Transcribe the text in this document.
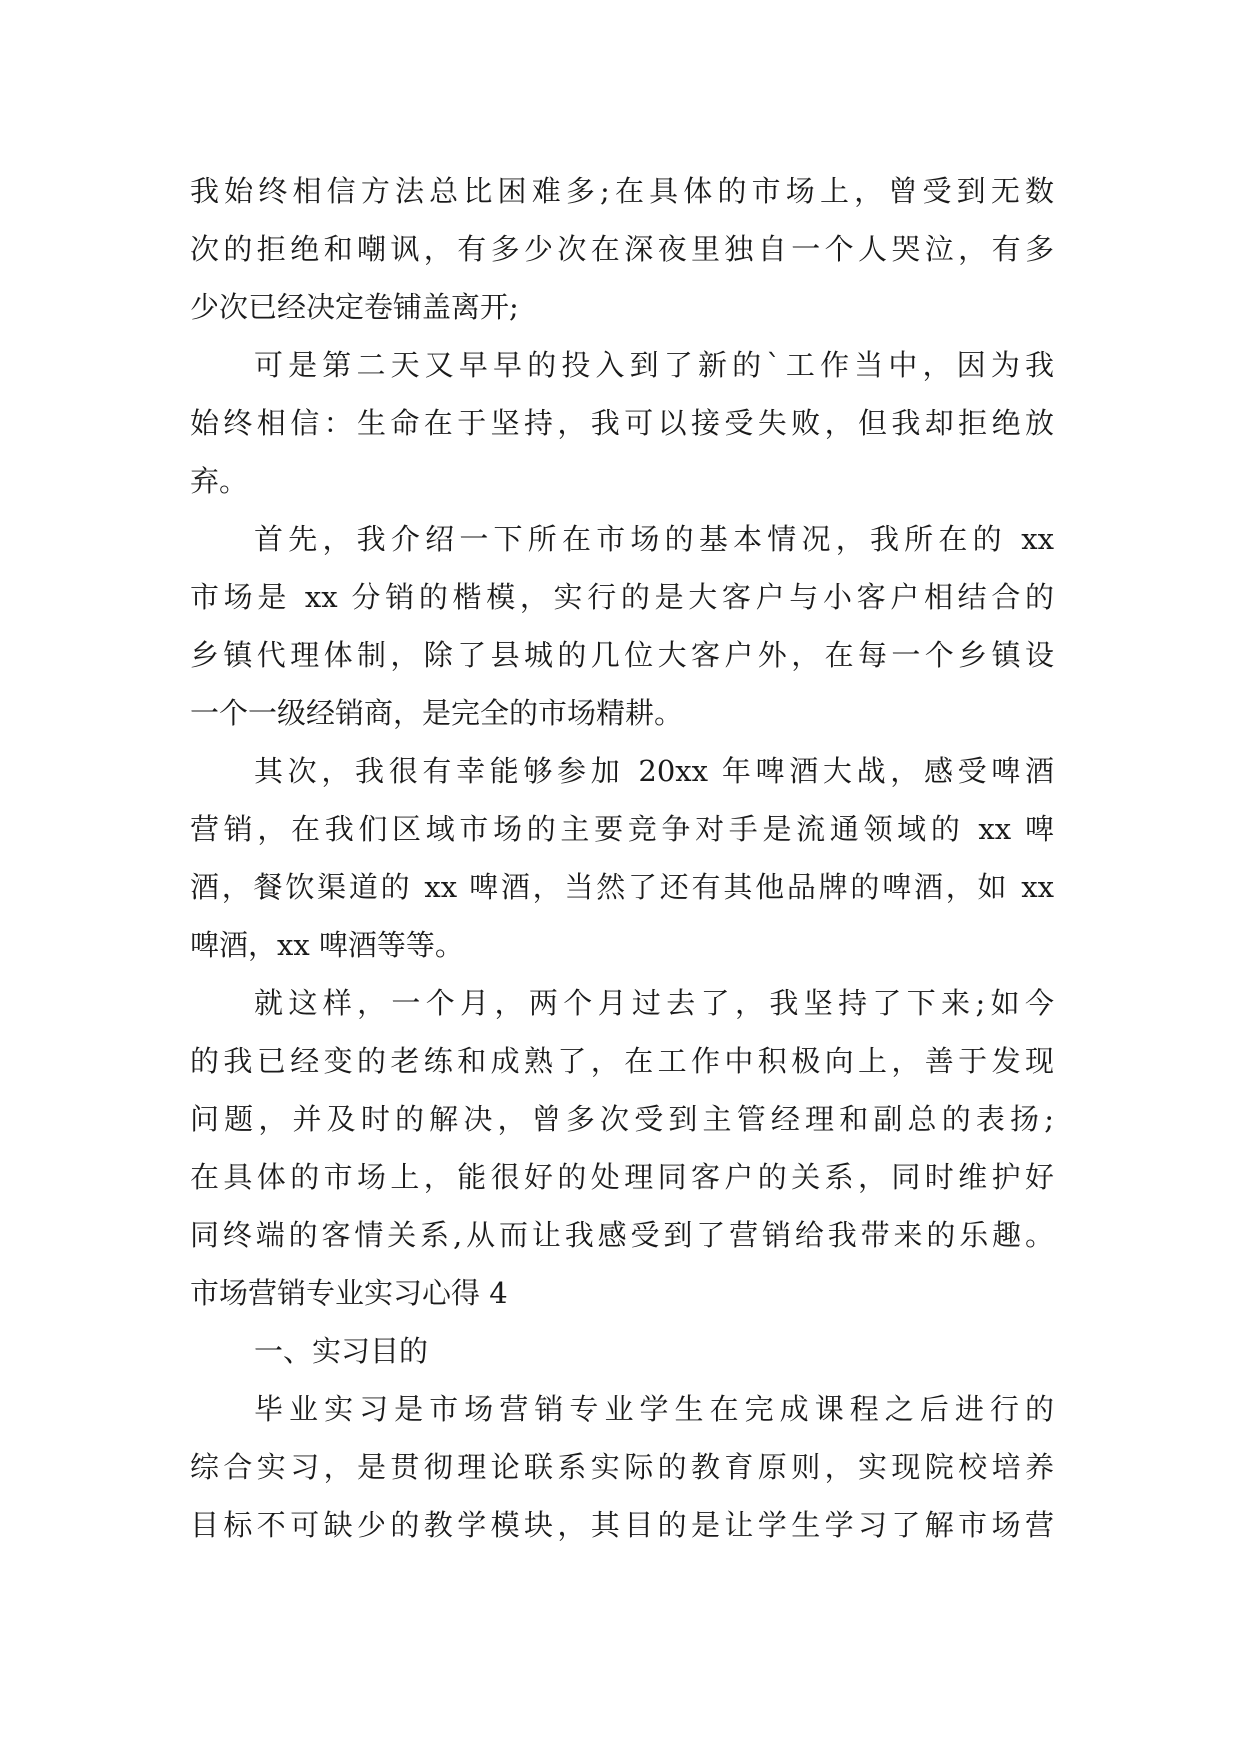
我始终相信方法总比困难多;在具体的市场上，曾受到无数
次的拒绝和嘲讽，有多少次在深夜里独自一个人哭泣，有多
少次已经决定卷铺盖离开;
可是第二天又早早的投入到了新的`工作当中，因为我
始终相信：生命在于坚持，我可以接受失败，但我却拒绝放
弃。
首先，我介绍一下所在市场的基本情况，我所在的 xx
市场是 xx 分销的楷模，实行的是大客户与小客户相结合的
乡镇代理体制，除了县城的几位大客户外，在每一个乡镇设
一个一级经销商，是完全的市场精耕。
其次，我很有幸能够参加 20xx 年啤酒大战，感受啤酒
营销，在我们区域市场的主要竞争对手是流通领域的 xx 啤
酒，餐饮渠道的 xx 啤酒，当然了还有其他品牌的啤酒，如 xx
啤酒，xx 啤酒等等。
就这样，一个月，两个月过去了，我坚持了下来;如今
的我已经变的老练和成熟了，在工作中积极向上，善于发现
问题，并及时的解决，曾多次受到主管经理和副总的表扬;
在具体的市场上，能很好的处理同客户的关系，同时维护好
同终端的客情关系,从而让我感受到了营销给我带来的乐趣。
市场营销专业实习心得 4
一、实习目的
毕业实习是市场营销专业学生在完成课程之后进行的
综合实习，是贯彻理论联系实际的教育原则，实现院校培养
目标不可缺少的教学模块，其目的是让学生学习了解市场营
